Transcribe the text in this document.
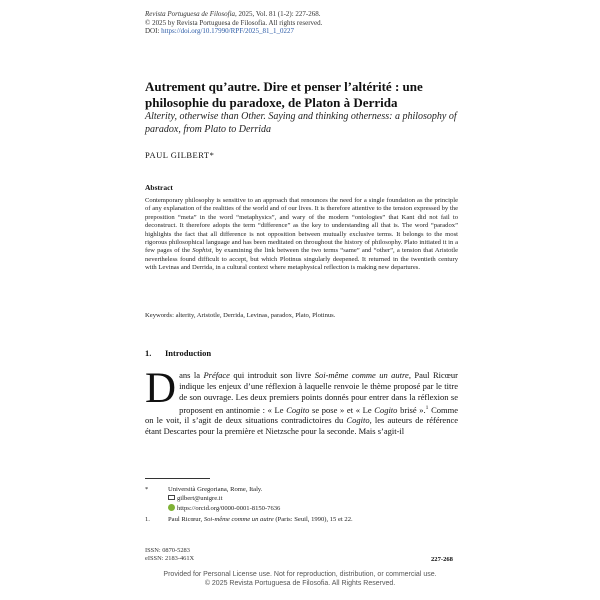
Revista Portuguesa de Filosofia, 2025, Vol. 81 (1-2): 227-268.
© 2025 by Revista Portuguesa de Filosofia. All rights reserved.
DOI: https://doi.org/10.17990/RPF/2025_81_1_0227
Autrement qu’autre. Dire et penser l’altérité : une philosophie du paradoxe, de Platon à Derrida
Alterity, otherwise than Other. Saying and thinking otherness: a philosophy of paradox, from Plato to Derrida
PAUL GILBERT*
Abstract
Contemporary philosophy is sensitive to an approach that renounces the need for a single foundation as the principle of any explanation of the realities of the world and of our lives. It is therefore attentive to the tension expressed by the preposition “meta” in the word “metaphysics”, and wary of the modern “ontologies” that Kant did not fail to deconstruct. It therefore adopts the term “difference” as the key to understanding all that is. The word “paradox” highlights the fact that all difference is not opposition between mutually exclusive terms. It belongs to the most rigorous philosophical language and has been meditated on throughout the history of philosophy. Plato initiated it in a few pages of the Sophist, by examining the link between the two terms “same” and “other”, a tension that Aristotle nevertheless found difficult to accept, but which Plotinus singularly deepened. It returned in the twentieth century with Levinas and Derrida, in a cultural context where metaphysical reflection is making new departures.
Keywords: alterity, Aristotle, Derrida, Levinas, paradox, Plato, Plotinus.
1. Introduction
Dans la Préface qui introduit son livre Soi-même comme un autre, Paul Ricœur indique les enjeux d’une réflexion à laquelle renvoie le thème proposé par le titre de son ouvrage. Les deux premiers points donnés pour entrer dans la réflexion se proposent en antinomie : « Le Cogito se pose » et « Le Cogito brisé ».$^1$ Comme on le voit, il s’agit de deux situations contradictoires du Cogito, les auteurs de référence étant Descartes pour la première et Nietzsche pour la seconde. Mais s’agit-il
*	Università Gregoriana, Rome, Italy.
gilbert@unigre.it
https://orcid.org/0000-0001-8150-7636
1.	Paul Ricœur, Soi-même comme un autre (Paris: Seuil, 1990), 15 et 22.
ISSN: 0870-5283
eISSN: 2183-461X	227-268
Provided for Personal License use. Not for reproduction, distribution, or commercial use.
© 2025 Revista Portuguesa de Filosofia. All Rights Reserved.
